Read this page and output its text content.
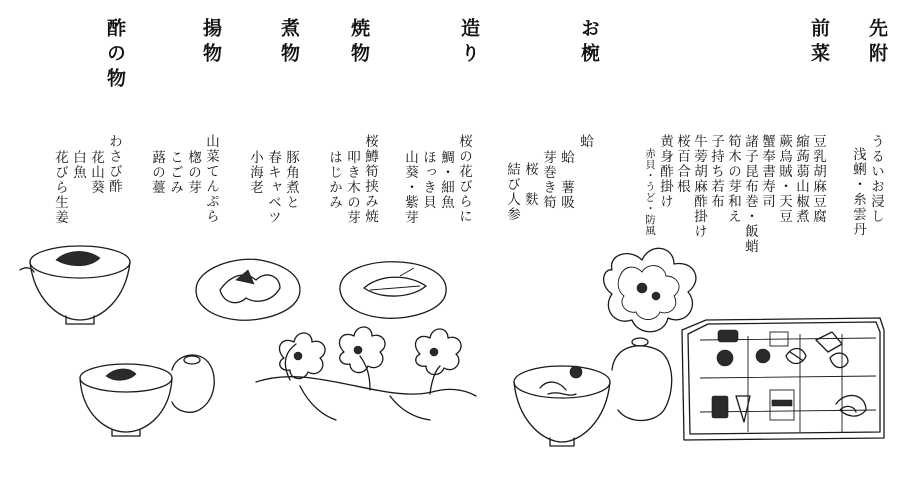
先附
うるいお浸し
浅蜊・糸雲丹
前菜
豆乳胡麻豆腐
縮蒟蒻山椒煮
蕨烏賊・天豆
蟹奉書寿司
諸子昆布巻・飯蛸
筍木の芽和え
子持ち若布
牛蒡胡麻酢掛け
桜百合根
黄身酢掛け
赤貝・うど・防風
お椀
蛤
蛤　薯吸
芽巻き筍
桜　麩
結び人参
造り
桜の花びらに
鯛・細魚
ほっき貝
山葵・紫芽
焼物
桜鱒筍挟み焼
叩き木の芽
はじかみ
煮物
豚角煮と
春キャベツ
小海老
揚物
山菜てんぷら
楤の芽
こごみ
蕗の薹
酢の物
わさび酢
花山葵
白魚
花びら生姜
